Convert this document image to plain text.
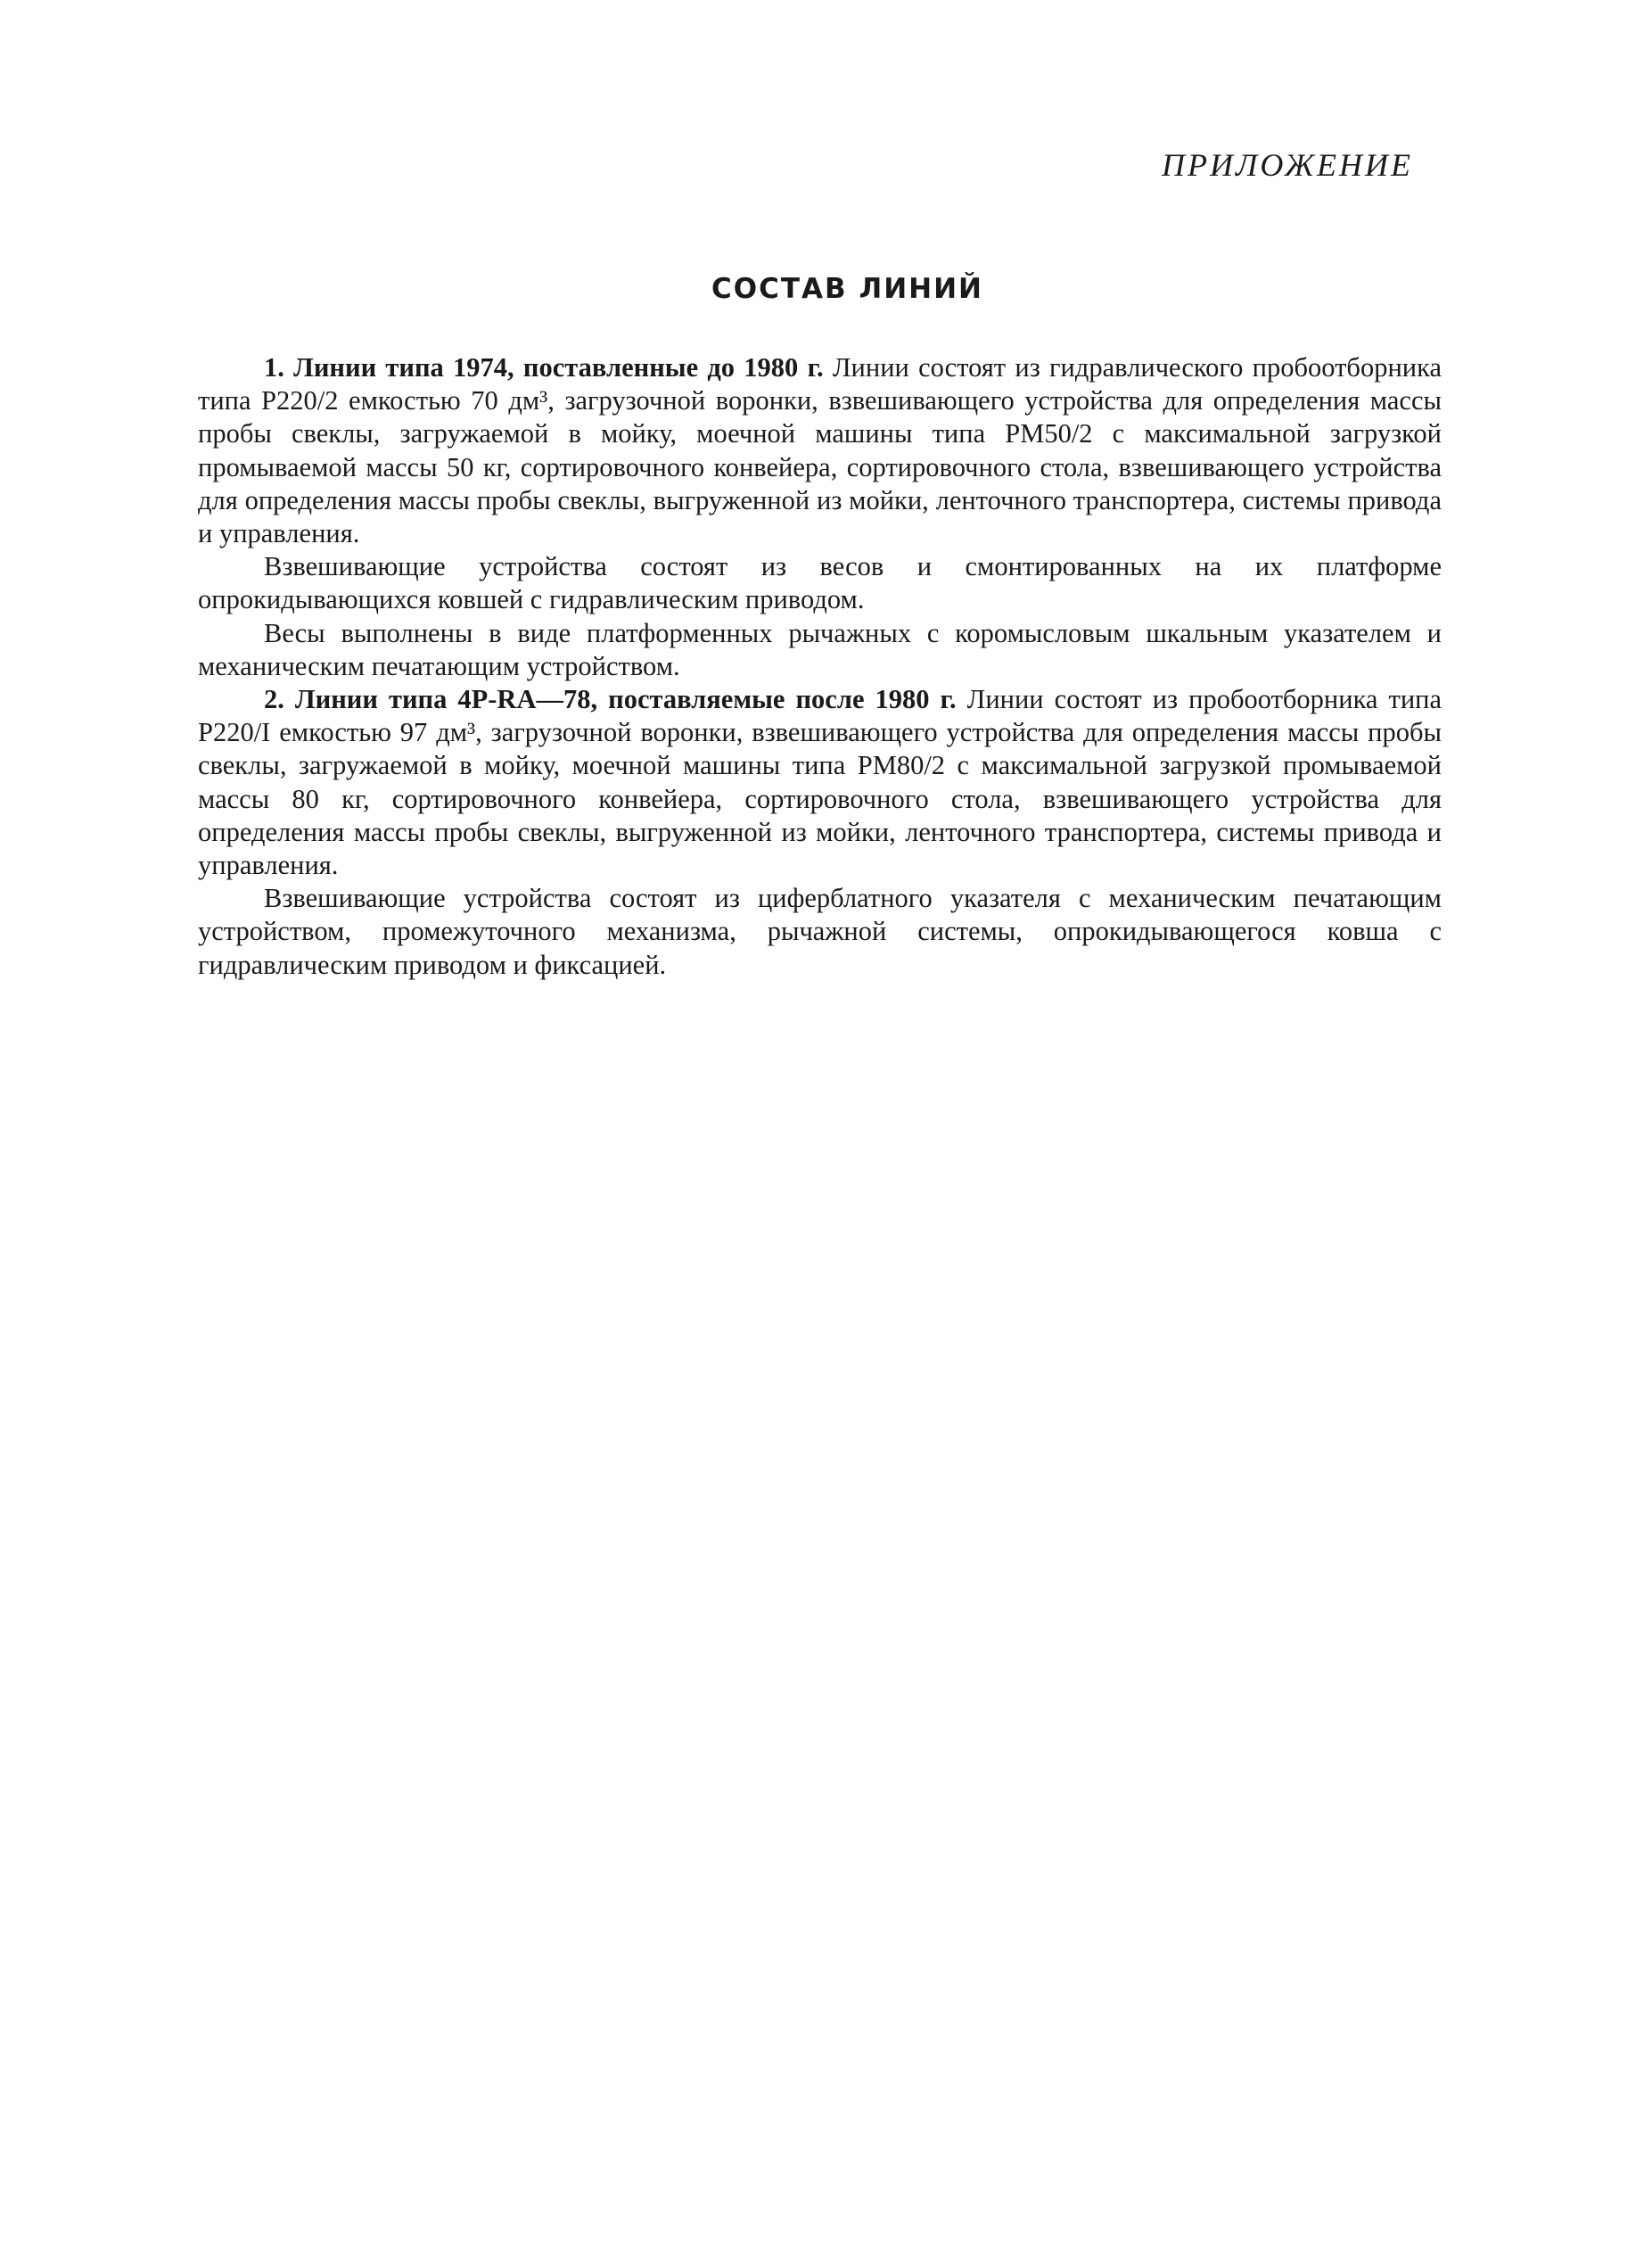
ПРИЛОЖЕНИЕ
СОСТАВ ЛИНИЙ

1. Линии типа 1974, поставленные до 1980 г. Линии состоят из гидравлического пробоотборника типа Р220/2 емкостью 70 дм³, загрузочной воронки, взвешивающего устройства для определения массы пробы свеклы, загружаемой в мойку, моечной машины типа РМ50/2 с максимальной загрузкой промываемой массы 50 кг, сортировочного конвейера, сортировочного стола, взвешивающего устройства для определения массы пробы свеклы, выгруженной из мойки, ленточного транспортера, системы привода и управления.

Взвешивающие устройства состоят из весов и смонтированных на их платформе опрокидывающихся ковшей с гидравлическим приводом.

Весы выполнены в виде платформенных рычажных с коромысловым шкальным указателем и механическим печатающим устройством.

2. Линии типа 4P-RA—78, поставляемые после 1980 г. Линии состоят из пробоотборника типа Р220/I емкостью 97 дм³, загрузочной воронки, взвешивающего устройства для определения массы пробы свеклы, загружаемой в мойку, моечной машины типа РМ80/2 с максимальной загрузкой промываемой массы 80 кг, сортировочного конвейера, сортировочного стола, взвешивающего устройства для определения массы пробы свеклы, выгруженной из мойки, ленточного транспортера, системы привода и управления.

Взвешивающие устройства состоят из циферблатного указателя с механическим печатающим устройством, промежуточного механизма, рычажной системы, опрокидывающегося ковша с гидравлическим приводом и фиксацией.
